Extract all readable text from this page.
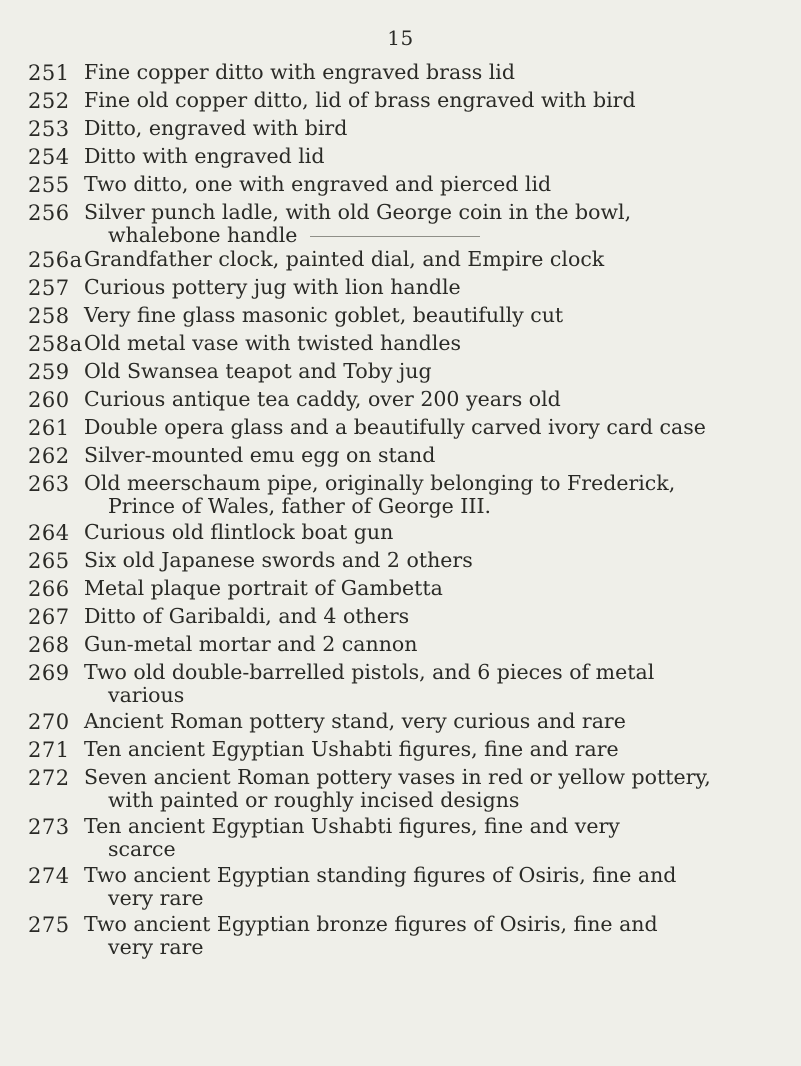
15
251 Fine copper ditto with engraved brass lid
252 Fine old copper ditto, lid of brass engraved with bird
253 Ditto, engraved with bird
254 Ditto with engraved lid
255 Two ditto, one with engraved and pierced lid
256 Silver punch ladle, with old George coin in the bowl,
whalebone handle
256a Grandfather clock, painted dial, and Empire clock
257 Curious pottery jug with lion handle
258 Very fine glass masonic goblet, beautifully cut
258a Old metal vase with twisted handles
259 Old Swansea teapot and Toby jug
260 Curious antique tea caddy, over 200 years old
261 Double opera glass and a beautifully carved ivory card case
262 Silver-mounted emu egg on stand
263 Old meerschaum pipe, originally belonging to Frederick,
Prince of Wales, father of George III.
264 Curious old flintlock boat gun
265 Six old Japanese swords and 2 others
266 Metal plaque portrait of Gambetta
267 Ditto of Garibaldi, and 4 others
268 Gun-metal mortar and 2 cannon
269 Two old double-barrelled pistols, and 6 pieces of metal
various
270 Ancient Roman pottery stand, very curious and rare
271 Ten ancient Egyptian Ushabti figures, fine and rare
272 Seven ancient Roman pottery vases in red or yellow pottery,
with painted or roughly incised designs
273 Ten ancient Egyptian Ushabti figures, fine and very
scarce
274 Two ancient Egyptian standing figures of Osiris, fine and
very rare
275 Two ancient Egyptian bronze figures of Osiris, fine and
very rare
